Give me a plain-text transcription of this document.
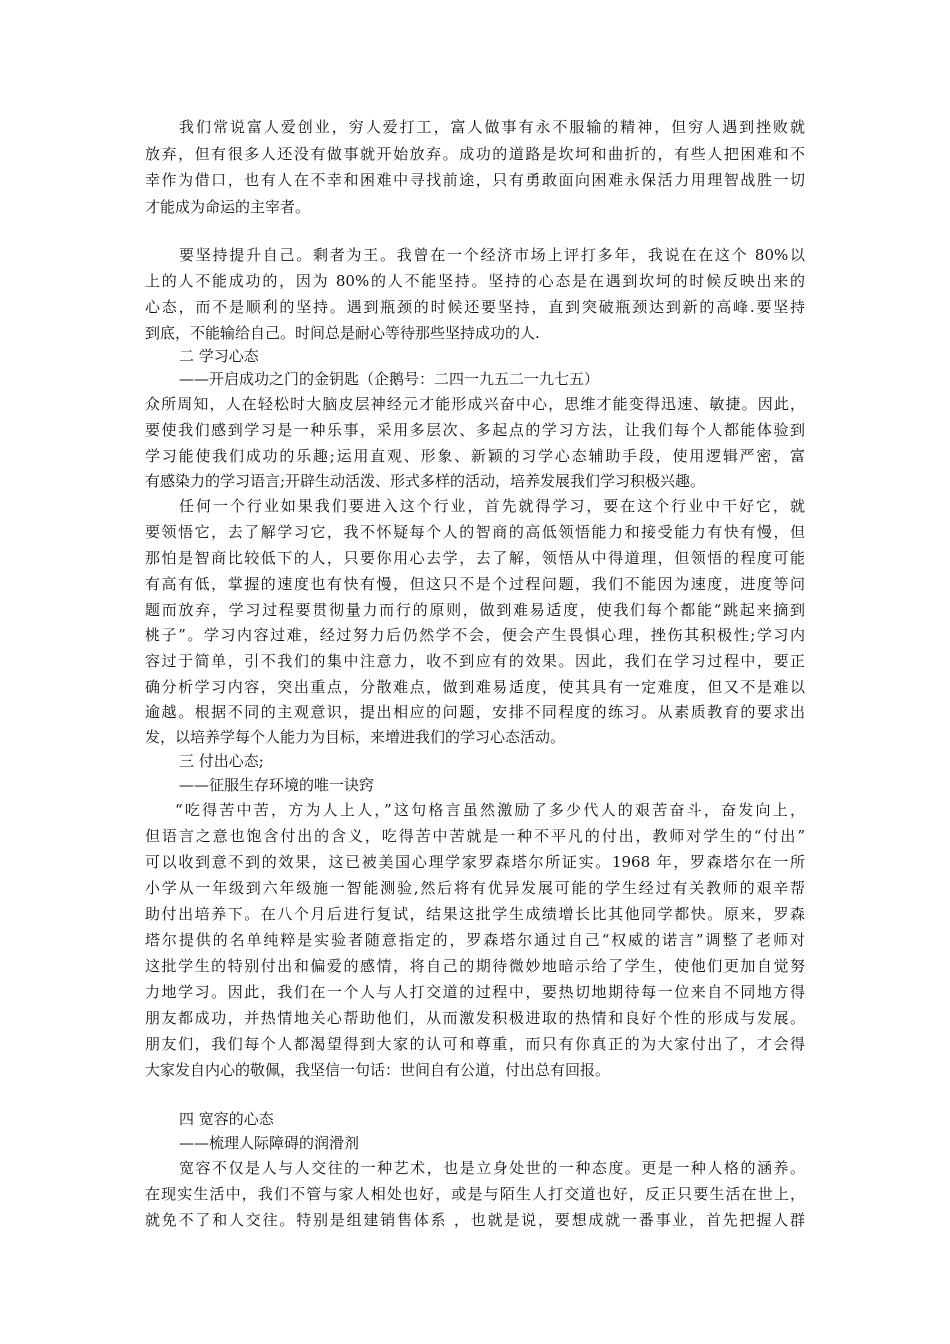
我们常说富人爱创业，穷人爱打工，富人做事有永不服输的精神，但穷人遇到挫败就
放弃，但有很多人还没有做事就开始放弃。成功的道路是坎坷和曲折的，有些人把困难和不
幸作为借口，也有人在不幸和困难中寻找前途，只有勇敢面向困难永保活力用理智战胜一切
才能成为命运的主宰者。
要坚持提升自己。剩者为王。我曾在一个经济市场上评打多年，我说在在这个 80%以
上的人不能成功的，因为 80%的人不能坚持。坚持的心态是在遇到坎坷的时候反映出来的
心态，而不是顺利的坚持。遇到瓶颈的时候还要坚持，直到突破瓶颈达到新的高峰.要坚持
到底，不能输给自己。时间总是耐心等待那些坚持成功的人.
二 学习心态
——开启成功之门的金钥匙（企鹅号：二四一九五二一九七五）
众所周知，人在轻松时大脑皮层神经元才能形成兴奋中心，思维才能变得迅速、敏捷。因此，
要使我们感到学习是一种乐事，采用多层次、多起点的学习方法，让我们每个人都能体验到
学习能使我们成功的乐趣;运用直观、形象、新颖的习学心态辅助手段，使用逻辑严密，富
有感染力的学习语言;开辟生动活泼、形式多样的活动，培养发展我们学习积极兴趣。
任何一个行业如果我们要进入这个行业，首先就得学习，要在这个行业中干好它，就
要领悟它，去了解学习它，我不怀疑每个人的智商的高低领悟能力和接受能力有快有慢，但
那怕是智商比较低下的人，只要你用心去学，去了解，领悟从中得道理，但领悟的程度可能
有高有低，掌握的速度也有快有慢，但这只不是个过程问题，我们不能因为速度，进度等问
题而放弃，学习过程要贯彻量力而行的原则，做到难易适度，使我们每个都能“跳起来摘到
桃子”。学习内容过难，经过努力后仍然学不会，便会产生畏惧心理，挫伤其积极性;学习内
容过于简单，引不我们的集中注意力，收不到应有的效果。因此，我们在学习过程中，要正
确分析学习内容，突出重点，分散难点，做到难易适度，使其具有一定难度，但又不是难以
逾越。根据不同的主观意识，提出相应的问题，安排不同程度的练习。从素质教育的要求出
发，以培养学每个人能力为目标，来增进我们的学习心态活动。
三 付出心态;
——征服生存环境的唯一诀窍
“吃得苦中苦，方为人上人，”这句格言虽然激励了多少代人的艰苦奋斗，奋发向上，
但语言之意也饱含付出的含义，吃得苦中苦就是一种不平凡的付出，教师对学生的“付出”
可以收到意不到的效果，这已被美国心理学家罗森塔尔所证实。1968 年，罗森塔尔在一所
小学从一年级到六年级施一智能测验,然后将有优异发展可能的学生经过有关教师的艰辛帮
助付出培养下。在八个月后进行复试，结果这批学生成绩增长比其他同学都快。原来，罗森
塔尔提供的名单纯粹是实验者随意指定的，罗森塔尔通过自己“权威的诺言”调整了老师对
这批学生的特别付出和偏爱的感情，将自己的期待微妙地暗示给了学生，使他们更加自觉努
力地学习。因此，我们在一个人与人打交道的过程中，要热切地期待每一位来自不同地方得
朋友都成功，并热情地关心帮助他们，从而激发积极进取的热情和良好个性的形成与发展。
朋友们，我们每个人都渴望得到大家的认可和尊重，而只有你真正的为大家付出了，才会得
大家发自内心的敬佩，我坚信一句话：世间自有公道，付出总有回报。
四 宽容的心态
——梳理人际障碍的润滑剂
宽容不仅是人与人交往的一种艺术，也是立身处世的一种态度。更是一种人格的涵养。
在现实生活中，我们不管与家人相处也好，或是与陌生人打交道也好，反正只要生活在世上，
就免不了和人交往。特别是组建销售体系 ，也就是说，要想成就一番事业，首先把握人群
